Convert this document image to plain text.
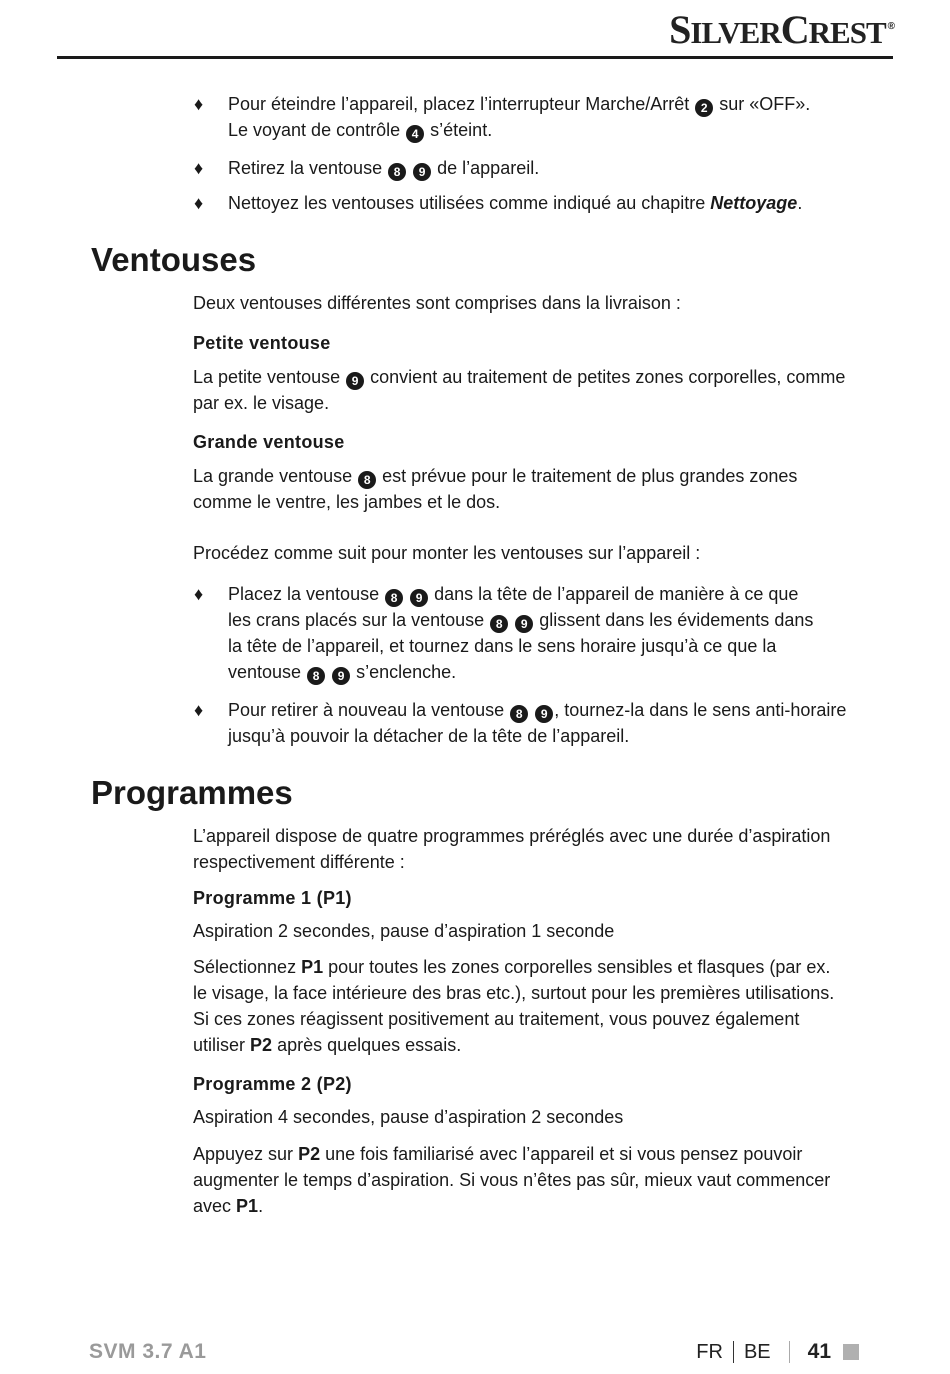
SILVERCREST ®
♦ Pour éteindre l’appareil, placez l’interrupteur Marche/Arrêt 2 sur «OFF».
Le voyant de contrôle 4 s’éteint.
♦ Retirez la ventouse 8 9 de l’appareil.
♦ Nettoyez les ventouses utilisées comme indiqué au chapitre Nettoyage.
Ventouses
Deux ventouses différentes sont comprises dans la livraison :
Petite ventouse
La petite ventouse 9 convient au traitement de petites zones corporelles, comme
par ex. le visage.
Grande ventouse
La grande ventouse 8 est prévue pour le traitement de plus grandes zones
comme le ventre, les jambes et le dos.
Procédez comme suit pour monter les ventouses sur l’appareil :
♦ Placez la ventouse 8 9 dans la tête de l’appareil de manière à ce que
les crans placés sur la ventouse 8 9 glissent dans les évidements dans
la tête de l’appareil, et tournez dans le sens horaire jusqu’à ce que la
ventouse 8 9 s’enclenche.
♦ Pour retirer à nouveau la ventouse 8 9 , tournez-la dans le sens anti-horaire
jusqu’à pouvoir la détacher de la tête de l’appareil.
Programmes
L’appareil dispose de quatre programmes préréglés avec une durée d’aspiration
respectivement différente :
Programme 1 (P1)
Aspiration 2 secondes, pause d’aspiration 1 seconde
Sélectionnez P1 pour toutes les zones corporelles sensibles et flasques (par ex.
le visage, la face intérieure des bras etc.), surtout pour les premières utilisations.
Si ces zones réagissent positivement au traitement, vous pouvez également
utiliser P2 après quelques essais.
Programme 2 (P2)
Aspiration 4 secondes, pause d’aspiration 2 secondes
Appuyez sur P2 une fois familiarisé avec l’appareil et si vous pensez pouvoir
augmenter le temps d’aspiration. Si vous n’êtes pas sûr, mieux vaut commencer
avec P1.
SVM 3.7 A1	FR BE 41
